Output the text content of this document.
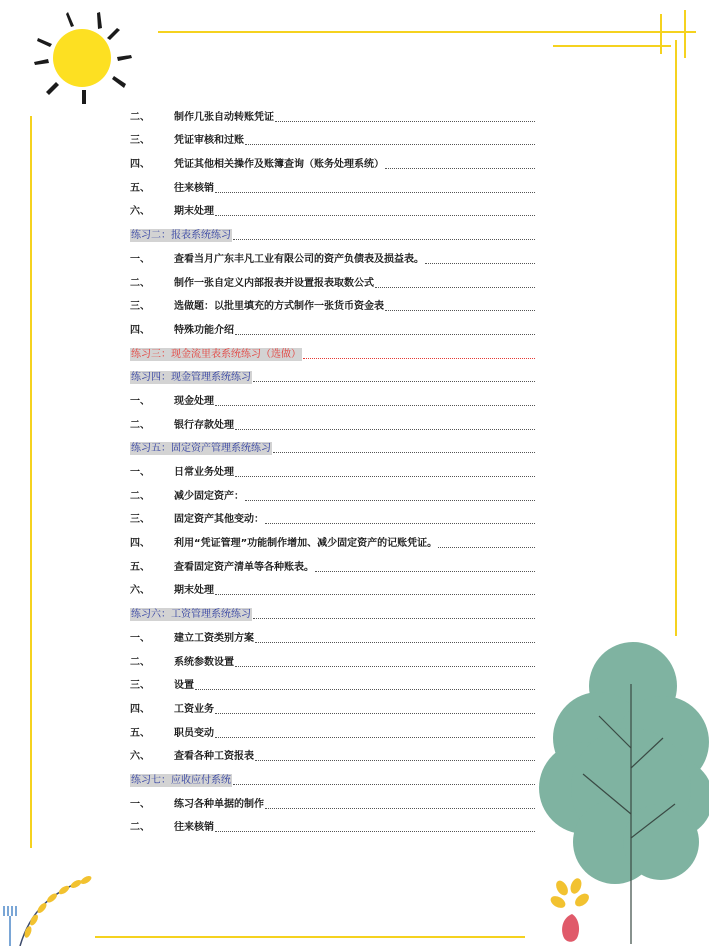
二、	制作几张自动转账凭证
三、	凭证审核和过账
四、	凭证其他相关操作及账簿查询（账务处理系统）
五、	往来核销
六、	期末处理
练习二：报表系统练习
一、	查看当月广东丰凡工业有限公司的资产负债表及损益表。
二、	制作一张自定义内部报表并设置报表取数公式
三、	选做题：以批里填充的方式制作一张货币资金表
四、	特殊功能介绍
练习三：现金流里表系统练习（选做）
练习四：现金管理系统练习
一、	现金处理
二、	银行存款处理
练习五：固定资产管理系统练习
一、	日常业务处理
二、	减少固定资产：
三、	固定资产其他变动：
四、	利用“凭证管理”功能制作增加、减少固定资产的记账凭证。
五、	查看固定资产清单等各种账表。
六、	期末处理
练习六：工资管理系统练习
一、	建立工资类别方案
二、	系统参数设置
三、	设置
四、	工资业务
五、	职员变动
六、	查看各种工资报表
练习七：应收应付系统
一、	练习各种单据的制作
二、	往来核销
